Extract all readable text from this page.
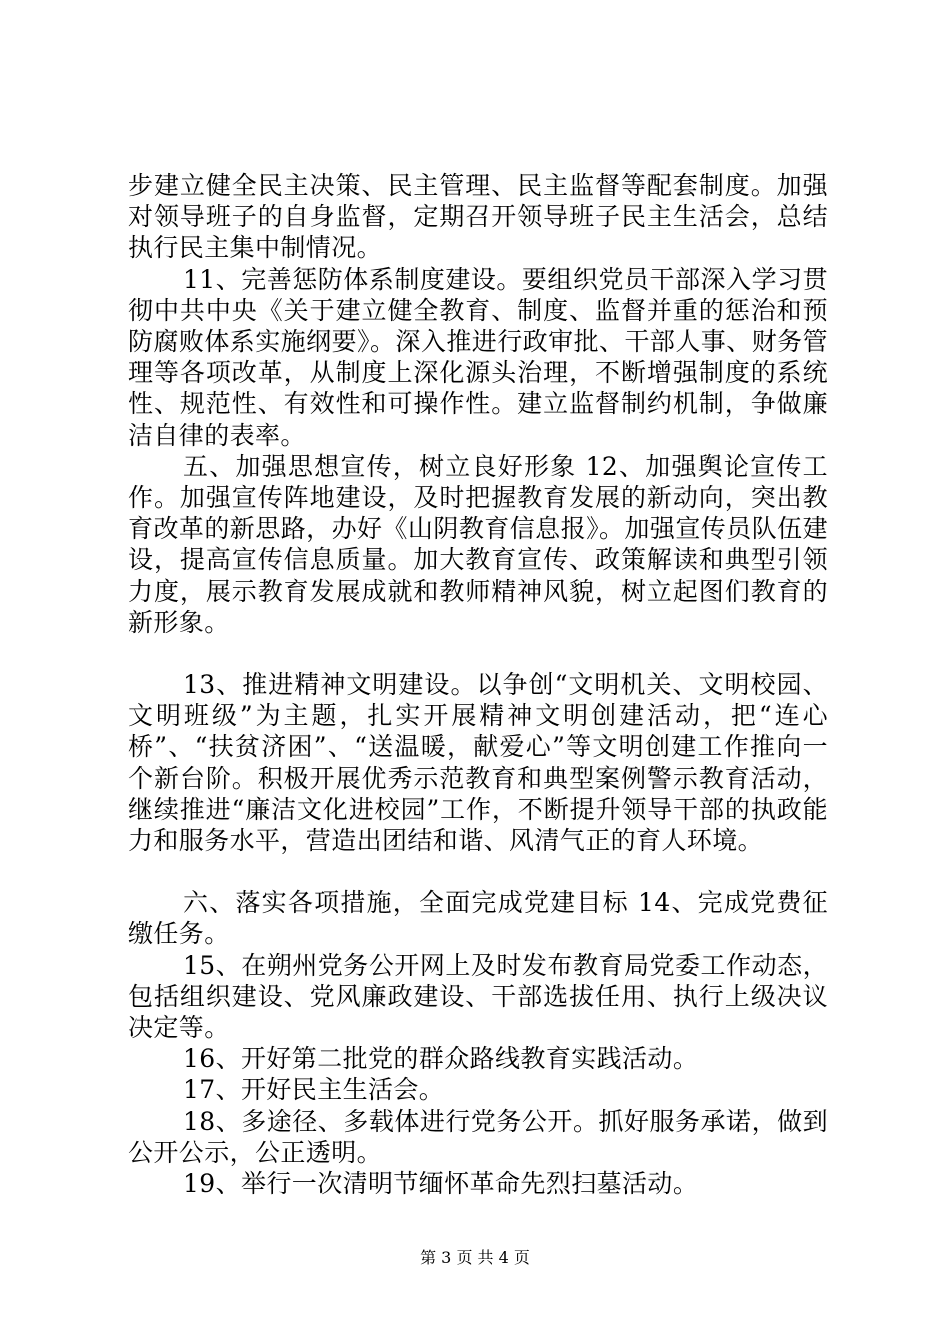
步建立健全民主决策、民主管理、民主监督等配套制度。加强对领导班子的自身监督，定期召开领导班子民主生活会，总结执行民主集中制情况。

11、完善惩防体系制度建设。要组织党员干部深入学习贯彻中共中央《关于建立健全教育、制度、监督并重的惩治和预防腐败体系实施纲要》。深入推进行政审批、干部人事、财务管理等各项改革，从制度上深化源头治理，不断增强制度的系统性、规范性、有效性和可操作性。建立监督制约机制，争做廉洁自律的表率。

五、加强思想宣传，树立良好形象 12、加强舆论宣传工作。加强宣传阵地建设，及时把握教育发展的新动向，突出教育改革的新思路，办好《山阴教育信息报》。加强宣传员队伍建设，提高宣传信息质量。加大教育宣传、政策解读和典型引领力度，展示教育发展成就和教师精神风貌，树立起图们教育的新形象。

13、推进精神文明建设。以争创“文明机关、文明校园、文明班级”为主题，扎实开展精神文明创建活动，把“连心桥”、“扶贫济困”、“送温暖，献爱心”等文明创建工作推向一个新台阶。积极开展优秀示范教育和典型案例警示教育活动，继续推进“廉洁文化进校园”工作，不断提升领导干部的执政能力和服务水平，营造出团结和谐、风清气正的育人环境。

六、落实各项措施，全面完成党建目标 14、完成党费征缴任务。

15、在朔州党务公开网上及时发布教育局党委工作动态，包括组织建设、党风廉政建设、干部选拔任用、执行上级决议决定等。

16、开好第二批党的群众路线教育实践活动。

17、开好民主生活会。

18、多途径、多载体进行党务公开。抓好服务承诺，做到公开公示，公正透明。

19、举行一次清明节缅怀革命先烈扫墓活动。

第 3 页 共 4 页
